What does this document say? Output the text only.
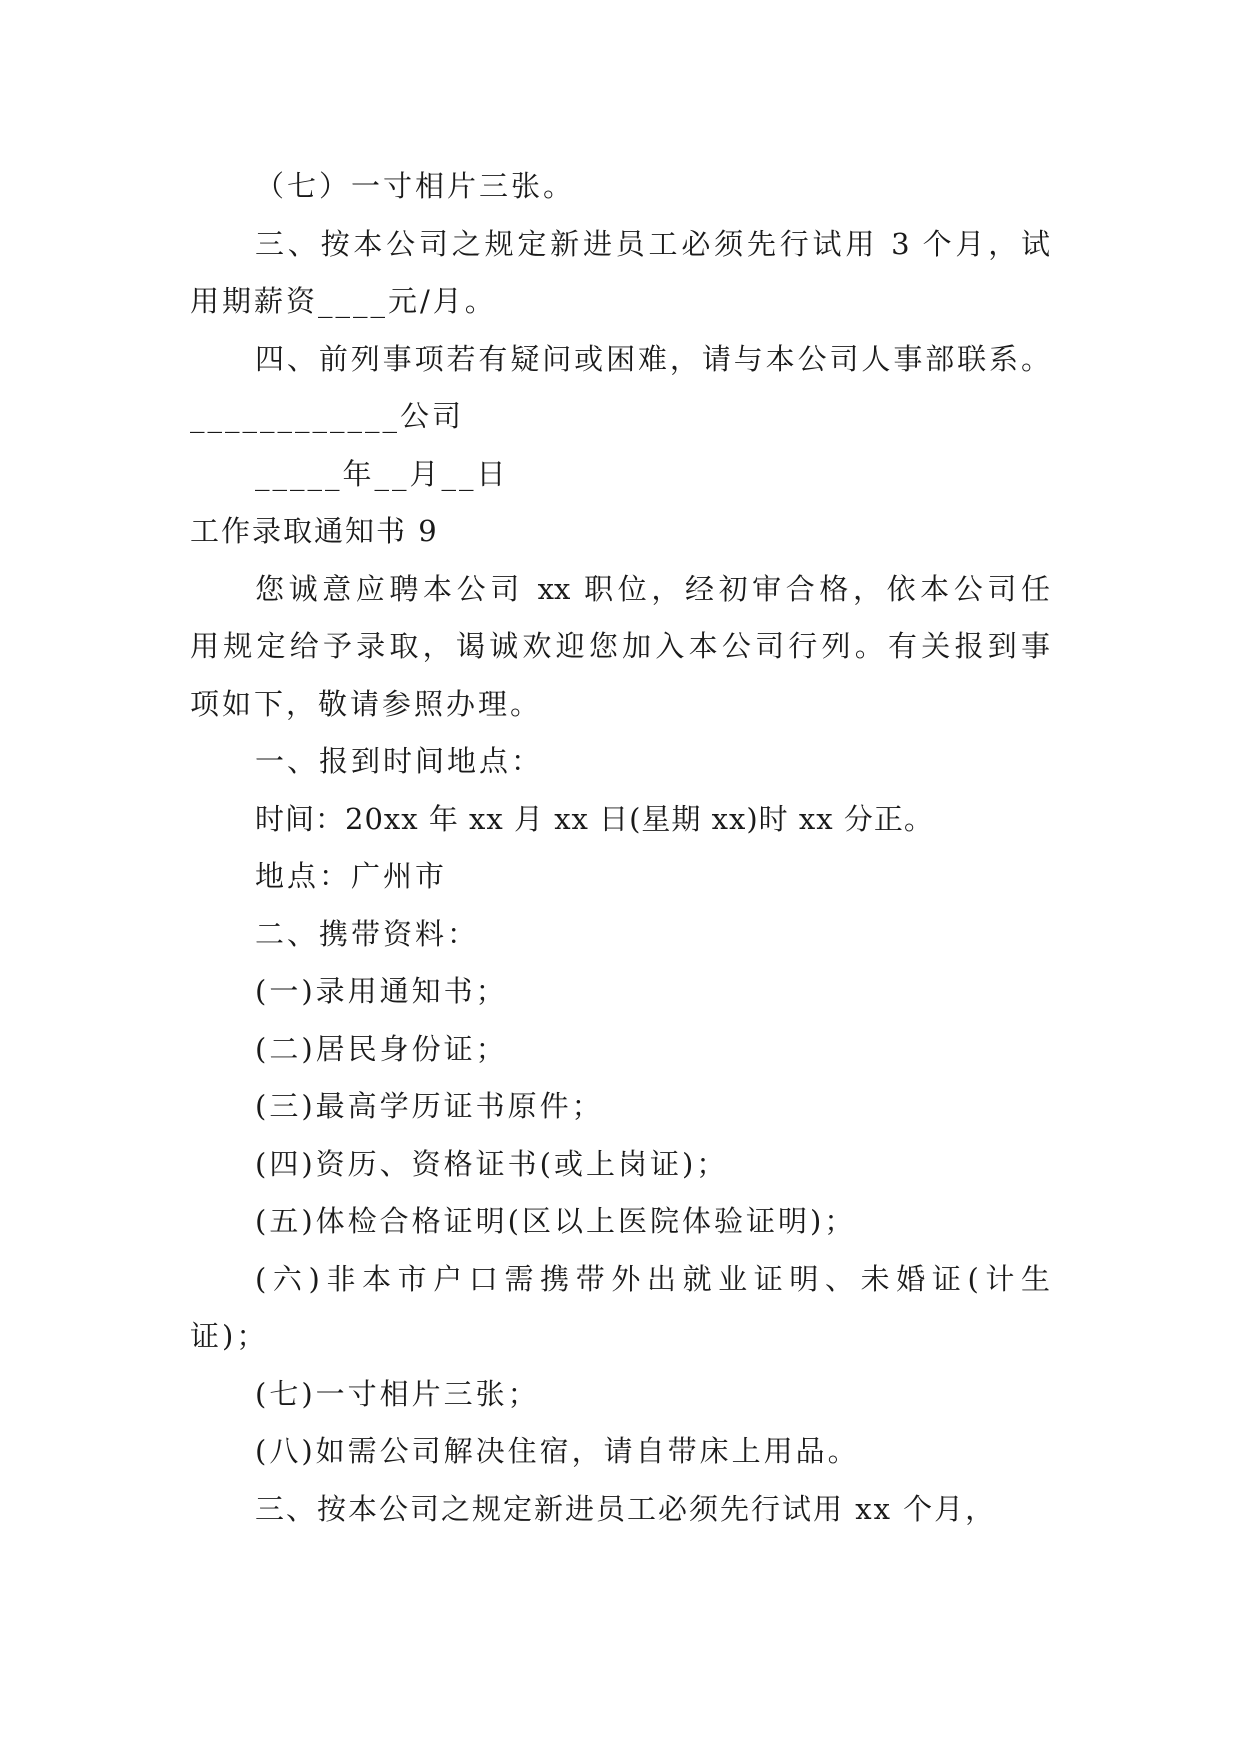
（七）一寸相片三张。
三、按本公司之规定新进员工必须先行试用 3 个月，试
用期薪资____元/月。
四、前列事项若有疑问或困难，请与本公司人事部联系。
____________公司
_____年__月__日
工作录取通知书 9
您诚意应聘本公司 xx 职位，经初审合格，依本公司任
用规定给予录取，谒诚欢迎您加入本公司行列。有关报到事
项如下，敬请参照办理。
一、报到时间地点：
时间：20xx 年 xx 月 xx 日(星期 xx)时 xx 分正。
地点：广州市
二、携带资料：
(一)录用通知书；
(二)居民身份证；
(三)最高学历证书原件；
(四)资历、资格证书(或上岗证)；
(五)体检合格证明(区以上医院体验证明)；
(六)非本市户口需携带外出就业证明、未婚证(计生
证)；
(七)一寸相片三张；
(八)如需公司解决住宿，请自带床上用品。
三、按本公司之规定新进员工必须先行试用 xx 个月，
